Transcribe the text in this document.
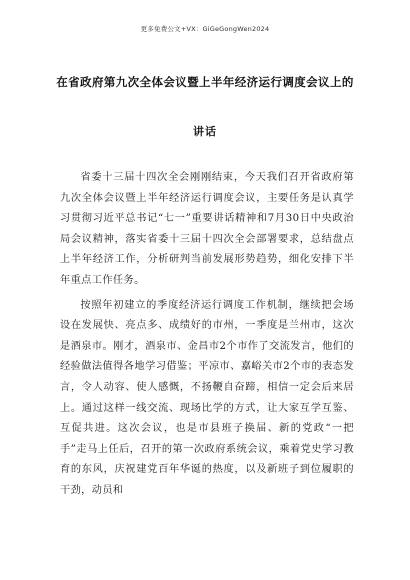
更多免费公文+VX：GiGeGongWen2024
在省政府第九次全体会议暨上半年经济运行调度会议上的
讲话

省委十三届十四次全会刚刚结束，今天我们召开省政府第九次全体会议暨上半年经济运行调度会议，主要任务是认真学习贯彻习近平总书记“七一”重要讲话精神和7月30日中央政治局会议精神，落实省委十三届十四次全会部署要求，总结盘点上半年经济工作，分析研判当前发展形势趋势，细化安排下半年重点工作任务。

按照年初建立的季度经济运行调度工作机制，继续把会场设在发展快、亮点多、成绩好的市州，一季度是兰州市，这次是酒泉市。刚才，酒泉市、金昌市2个市作了交流发言，他们的经验做法值得各地学习借鉴；平凉市、嘉峪关市2个市的表态发言，令人动容、使人感慨，不扬鞭自奋蹄，相信一定会后来居上。通过这样一线交流、现场比学的方式，让大家互学互鉴、互促共进。这次会议，也是市县班子换届、新的党政“一把手”走马上任后，召开的第一次政府系统会议，乘着党史学习教育的东风，庆祝建党百年华诞的热度，以及新班子到位履职的干劲，动员和
